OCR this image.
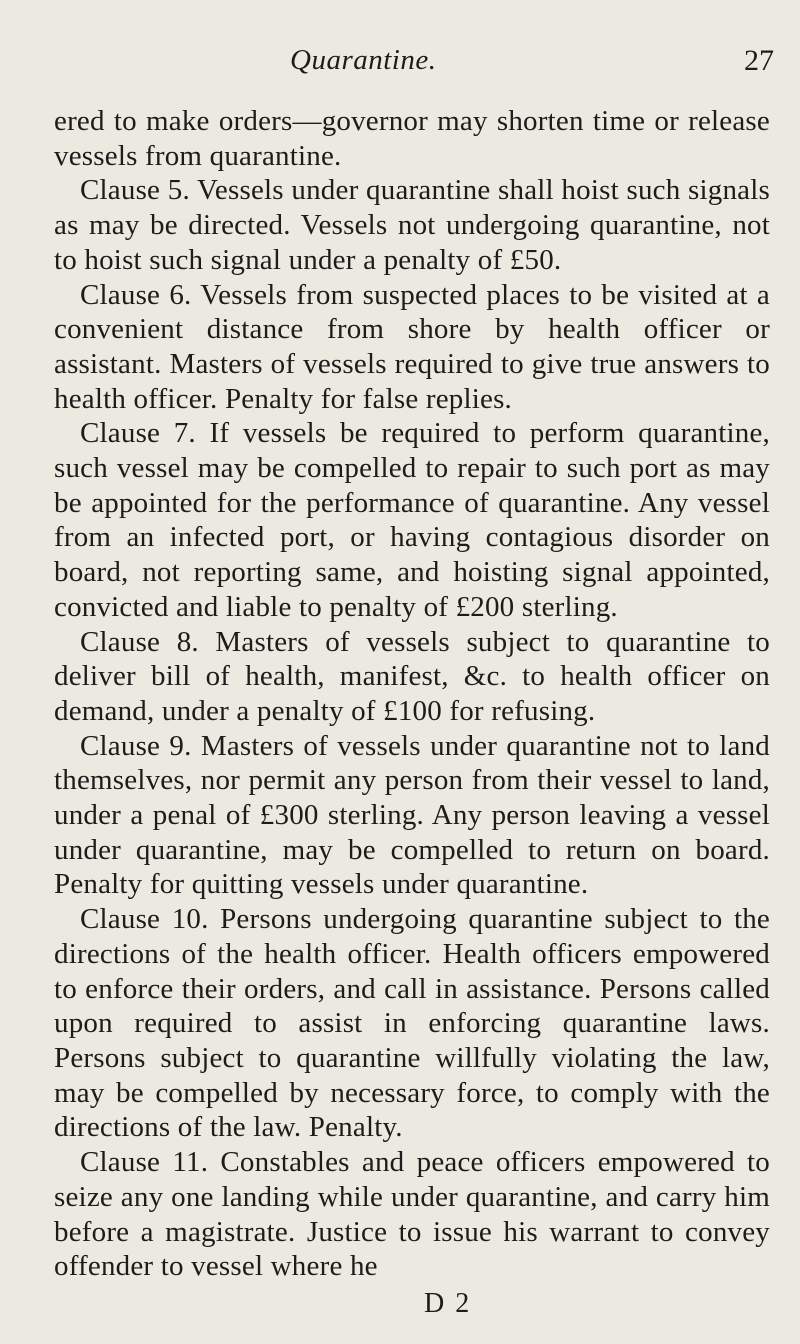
Quarantine.	27

ered to make orders—governor may shorten time or release vessels from quarantine.

Clause 5. Vessels under quarantine shall hoist such signals as may be directed. Vessels not undergoing quarantine, not to hoist such signal under a penalty of £50.

Clause 6. Vessels from suspected places to be visited at a convenient distance from shore by health officer or assistant. Masters of vessels required to give true answers to health officer. Penalty for false replies.

Clause 7. If vessels be required to perform quarantine, such vessel may be compelled to repair to such port as may be appointed for the performance of quarantine. Any vessel from an infected port, or having contagious disorder on board, not reporting same, and hoisting signal appointed, convicted and liable to penalty of £200 sterling.

Clause 8. Masters of vessels subject to quarantine to deliver bill of health, manifest, &c. to health officer on demand, under a penalty of £100 for refusing.

Clause 9. Masters of vessels under quarantine not to land themselves, nor permit any person from their vessel to land, under a penal of £300 sterling. Any person leaving a vessel under quarantine, may be compelled to return on board. Penalty for quitting vessels under quarantine.

Clause 10. Persons undergoing quarantine subject to the directions of the health officer. Health officers empowered to enforce their orders, and call in assistance. Persons called upon required to assist in enforcing quarantine laws. Persons subject to quarantine willfully violating the law, may be compelled by necessary force, to comply with the directions of the law. Penalty.

Clause 11. Constables and peace officers empowered to seize any one landing while under quarantine, and carry him before a magistrate. Justice to issue his warrant to convey offender to vessel where he

D 2
